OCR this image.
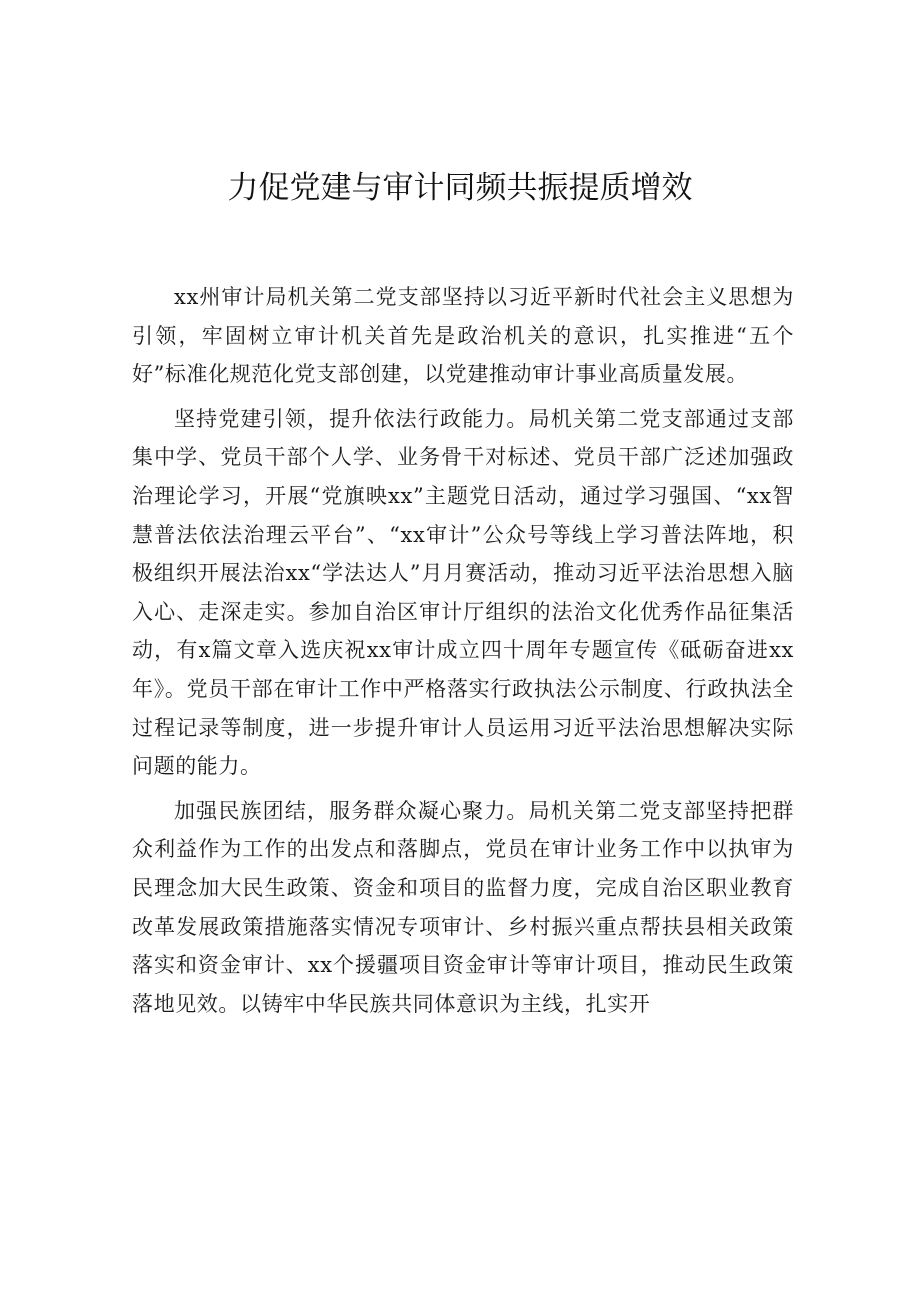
力促党建与审计同频共振提质增效

xx州审计局机关第二党支部坚持以习近平新时代社会主义思想为引领，牢固树立审计机关首先是政治机关的意识，扎实推进“五个好”标准化规范化党支部创建，以党建推动审计事业高质量发展。

坚持党建引领，提升依法行政能力。局机关第二党支部通过支部集中学、党员干部个人学、业务骨干对标述、党员干部广泛述加强政治理论学习，开展“党旗映xx”主题党日活动，通过学习强国、“xx智慧普法依法治理云平台”、“xx审计”公众号等线上学习普法阵地，积极组织开展法治xx“学法达人”月月赛活动，推动习近平法治思想入脑入心、走深走实。参加自治区审计厅组织的法治文化优秀作品征集活动，有x篇文章入选庆祝xx审计成立四十周年专题宣传《砥砺奋进xx年》。党员干部在审计工作中严格落实行政执法公示制度、行政执法全过程记录等制度，进一步提升审计人员运用习近平法治思想解决实际问题的能力。

加强民族团结，服务群众凝心聚力。局机关第二党支部坚持把群众利益作为工作的出发点和落脚点，党员在审计业务工作中以执审为民理念加大民生政策、资金和项目的监督力度，完成自治区职业教育改革发展政策措施落实情况专项审计、乡村振兴重点帮扶县相关政策落实和资金审计、xx个援疆项目资金审计等审计项目，推动民生政策落地见效。以铸牢中华民族共同体意识为主线，扎实开
